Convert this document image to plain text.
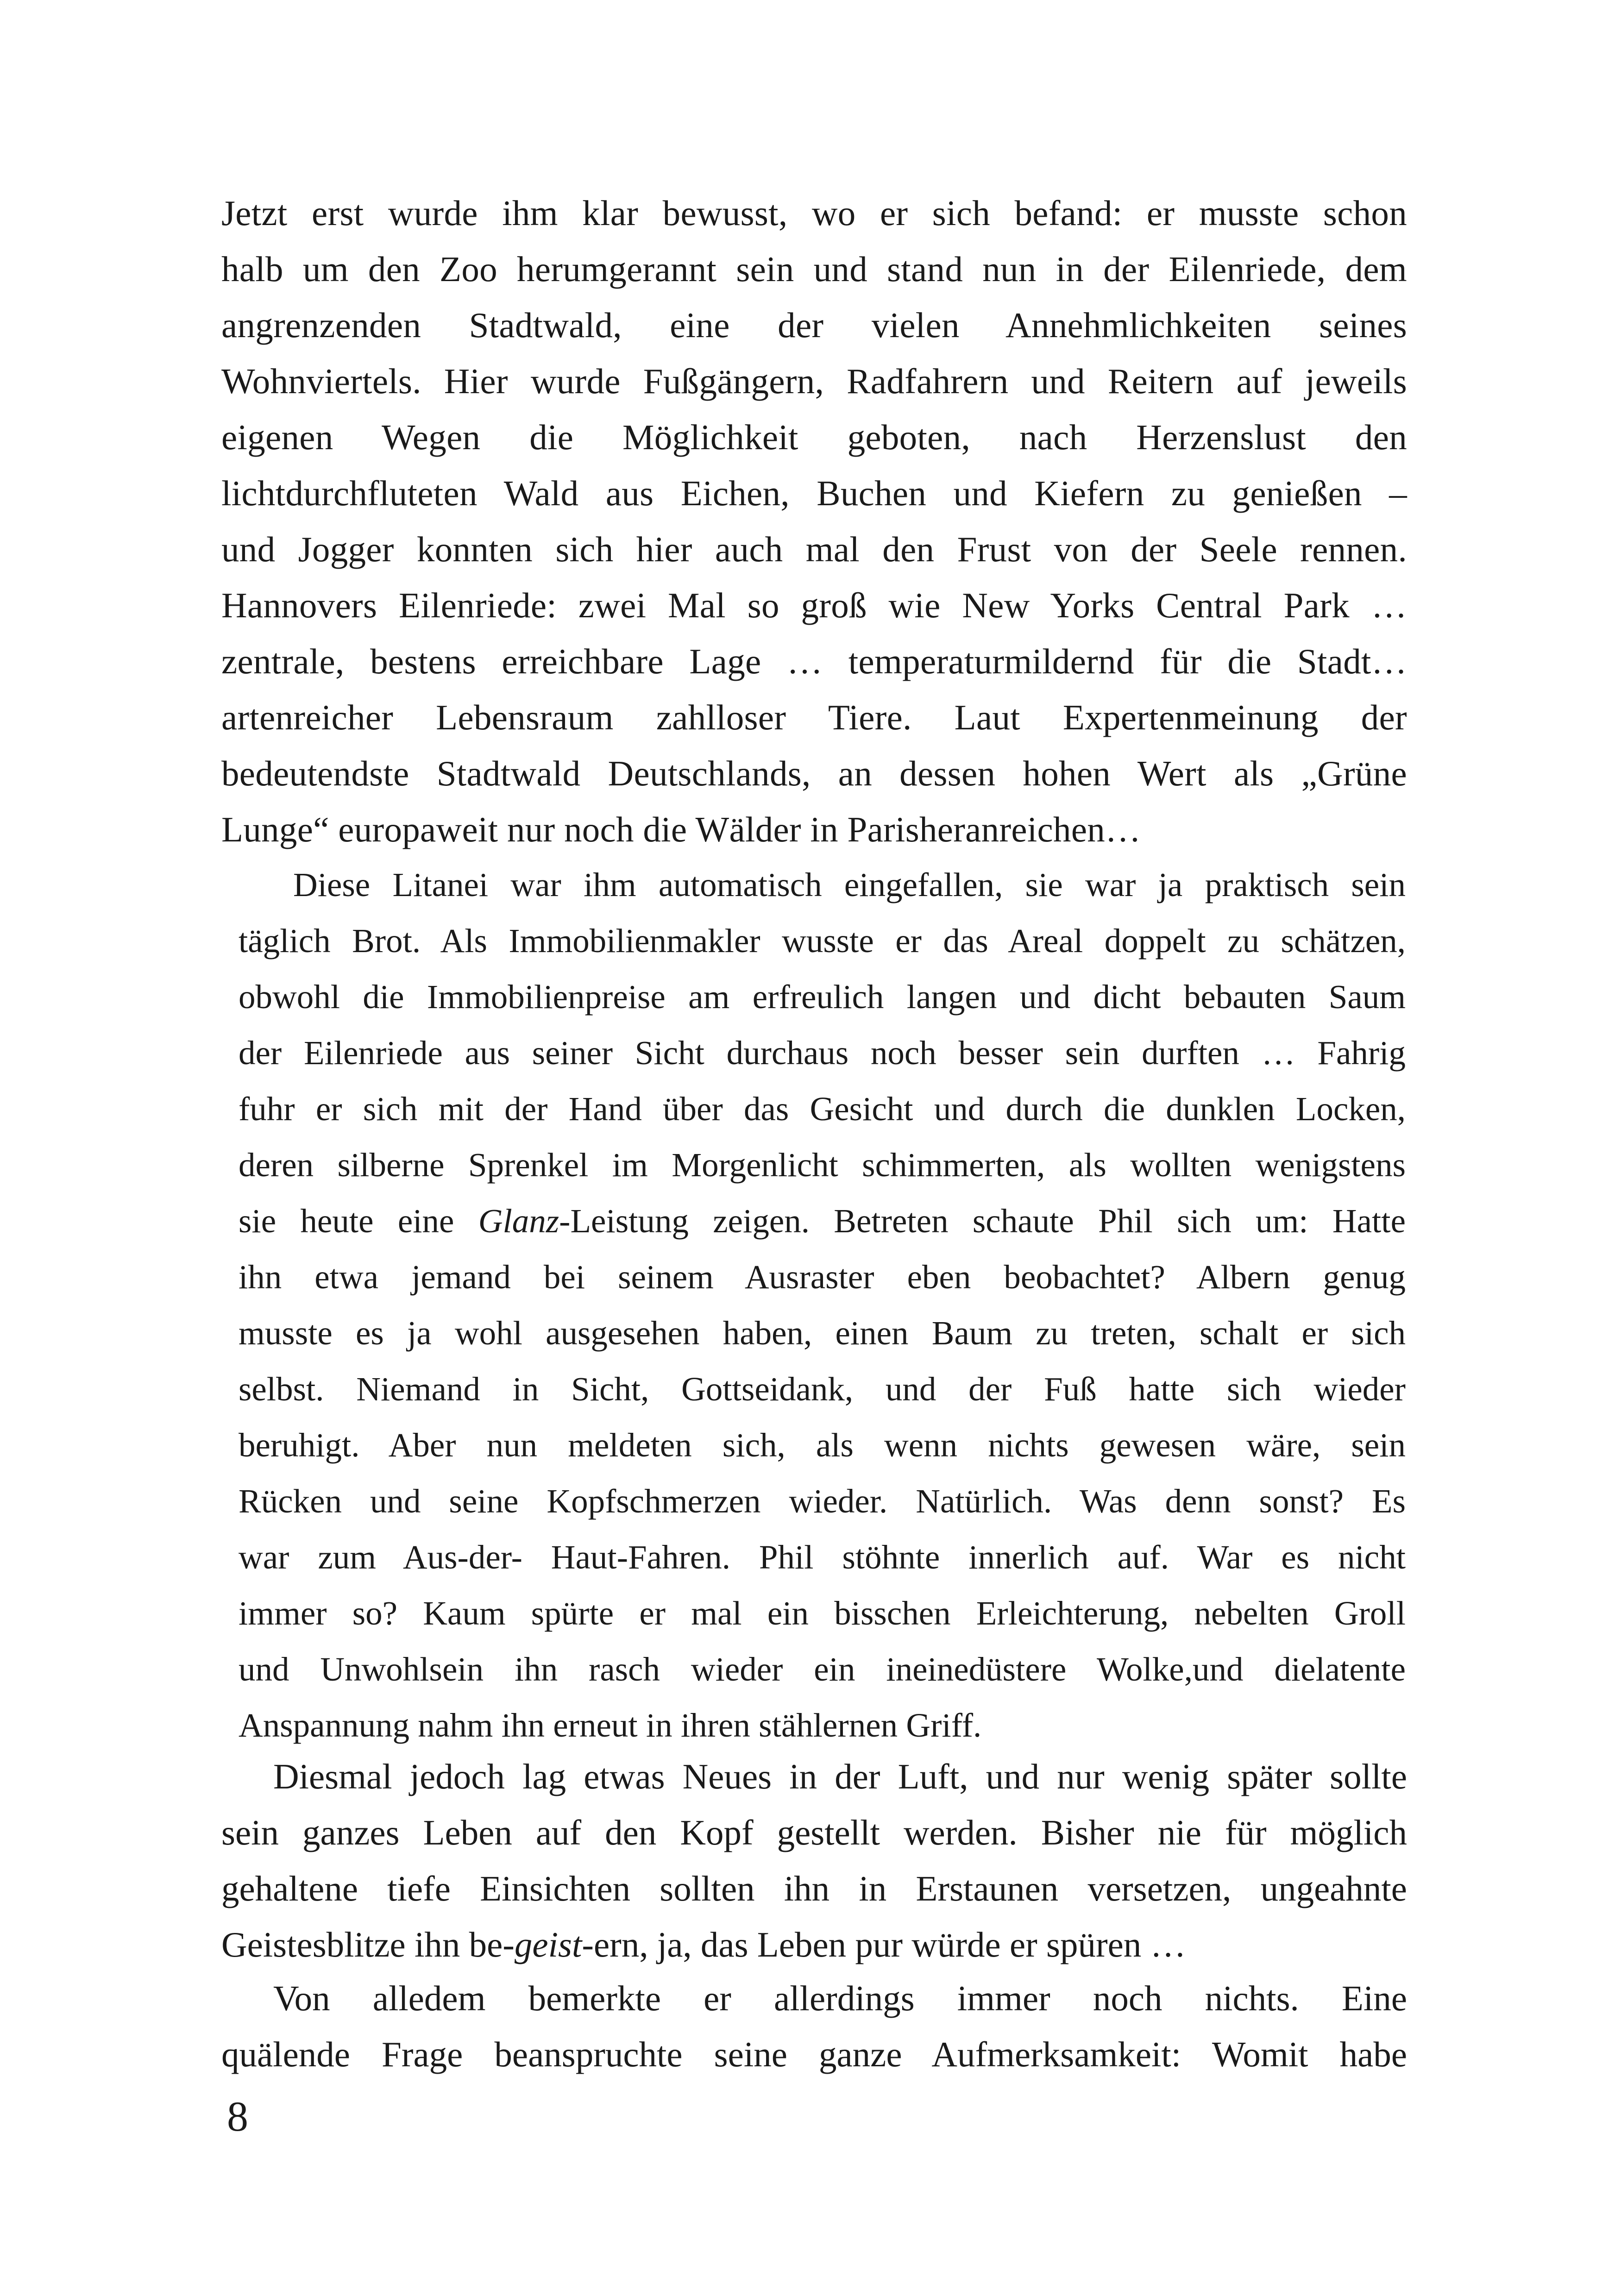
Jetzt erst wurde ihm klar bewusst, wo er sich befand: er musste schon
halb um den Zoo herumgerannt sein und stand nun in der Eilenriede, dem
angrenzenden Stadtwald, eine der vielen Annehmlichkeiten seines
Wohnviertels. Hier wurde Fußgängern, Radfahrern und Reitern auf jeweils
eigenen Wegen die Möglichkeit geboten, nach Herzenslust den
lichtdurchfluteten Wald aus Eichen, Buchen und Kiefern zu genießen –
und Jogger konnten sich hier auch mal den Frust von der Seele rennen.
Hannovers Eilenriede: zwei Mal so groß wie New Yorks Central Park …
zentrale, bestens erreichbare Lage … temperaturmildernd für die Stadt…
artenreicher Lebensraum zahlloser Tiere. Laut Expertenmeinung der
bedeutendste Stadtwald Deutschlands, an dessen hohen Wert als „Grüne
Lunge“ europaweit nur noch die Wälder in Parisheranreichen…
Diese Litanei war ihm automatisch eingefallen, sie war ja praktisch sein
täglich Brot. Als Immobilienmakler wusste er das Areal doppelt zu schätzen,
obwohl die Immobilienpreise am erfreulich langen und dicht bebauten Saum
der Eilenriede aus seiner Sicht durchaus noch besser sein durften … Fahrig
fuhr er sich mit der Hand über das Gesicht und durch die dunklen Locken,
deren silberne Sprenkel im Morgenlicht schimmerten, als wollten wenigstens
sie heute eine Glanz-Leistung zeigen. Betreten schaute Phil sich um: Hatte
ihn etwa jemand bei seinem Ausraster eben beobachtet? Albern genug
musste es ja wohl ausgesehen haben, einen Baum zu treten, schalt er sich
selbst. Niemand in Sicht, Gottseidank, und der Fuß hatte sich wieder
beruhigt. Aber nun meldeten sich, als wenn nichts gewesen wäre, sein
Rücken und seine Kopfschmerzen wieder. Natürlich. Was denn sonst? Es
war zum Aus-der- Haut-Fahren. Phil stöhnte innerlich auf. War es nicht
immer so? Kaum spürte er mal ein bisschen Erleichterung, nebelten Groll
und Unwohlsein ihn rasch wieder ein ineinedüstere Wolke,und dielatente
Anspannung nahm ihn erneut in ihren stählernen Griff.
Diesmal jedoch lag etwas Neues in der Luft, und nur wenig später sollte
sein ganzes Leben auf den Kopf gestellt werden. Bisher nie für möglich
gehaltene tiefe Einsichten sollten ihn in Erstaunen versetzen, ungeahnte
Geistesblitze ihn be-geist-ern, ja, das Leben pur würde er spüren …
Von alledem bemerkte er allerdings immer noch nichts. Eine
quälende Frage beanspruchte seine ganze Aufmerksamkeit: Womit habe
8
